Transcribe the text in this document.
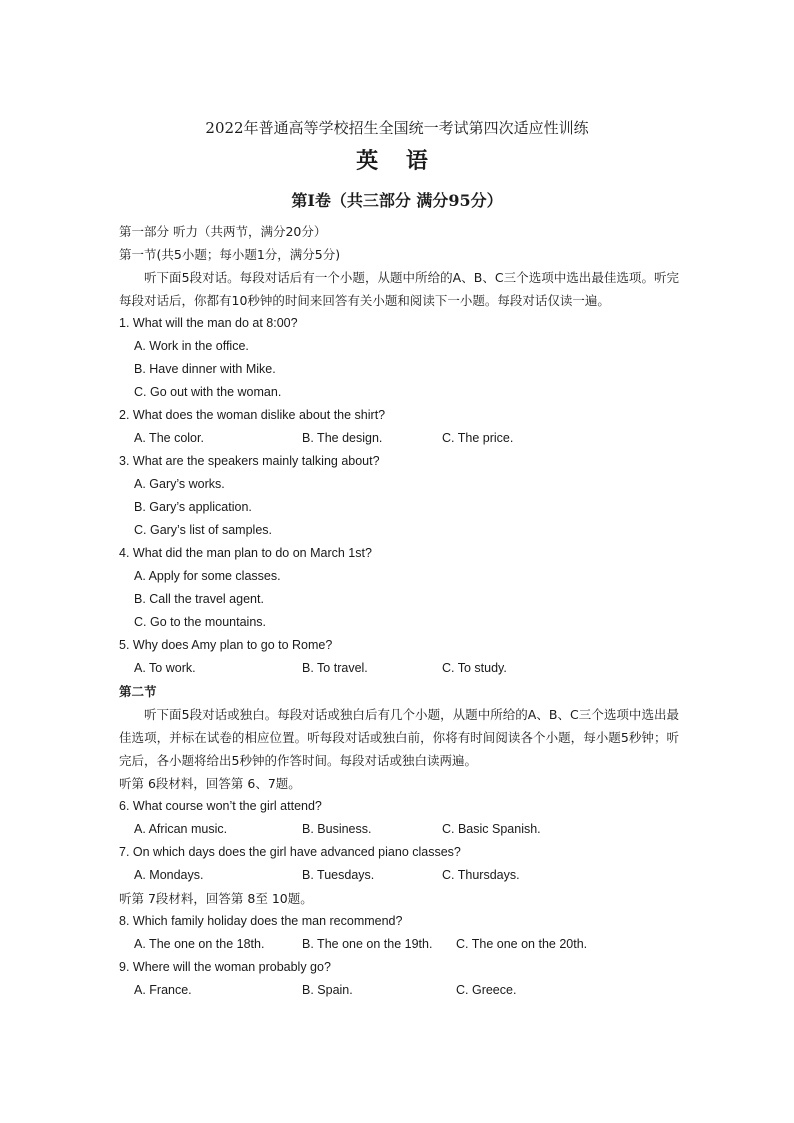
2022年普通高等学校招生全国统一考试第四次适应性训练
英 语
第Ⅰ卷（共三部分 满分95分）
第一部分 听力（共两节，满分20分）
第一节(共5小题；每小题1分，满分5分)
听下面5段对话。每段对话后有一个小题，从题中所给的A、B、C三个选项中选出最佳选项。听完每段对话后，你都有10秒钟的时间来回答有关小题和阅读下一小题。每段对话仅读一遍。
1. What will the man do at 8:00?
A. Work in the office.
B. Have dinner with Mike.
C. Go out with the woman.
2. What does the woman dislike about the shirt?
A. The color.	B. The design.	C. The price.
3. What are the speakers mainly talking about?
A. Gary’s works.
B. Gary’s application.
C. Gary’s list of samples.
4. What did the man plan to do on March 1st?
A. Apply for some classes.
B. Call the travel agent.
C. Go to the mountains.
5. Why does Amy plan to go to Rome?
A. To work.	B. To travel.	C. To study.
第二节
听下面5段对话或独白。每段对话或独白后有几个小题，从题中所给的A、B、C三个选项中选出最佳选项，并标在试卷的相应位置。听每段对话或独白前，你将有时间阅读各个小题，每小题5秒钟；听完后，各小题将给出5秒钟的作答时间。每段对话或独白读两遍。
听第 6段材料，回答第 6、7题。
6. What course won’t the girl attend?
A. African music.	B. Business.	C. Basic Spanish.
7. On which days does the girl have advanced piano classes?
A. Mondays.	B. Tuesdays.	C. Thursdays.
听第 7段材料，回答第 8至 10题。
8. Which family holiday does the man recommend?
A. The one on the 18th.	B. The one on the 19th. C. The one on the 20th.
9. Where will the woman probably go?
A. France.	B. Spain.	C. Greece.
